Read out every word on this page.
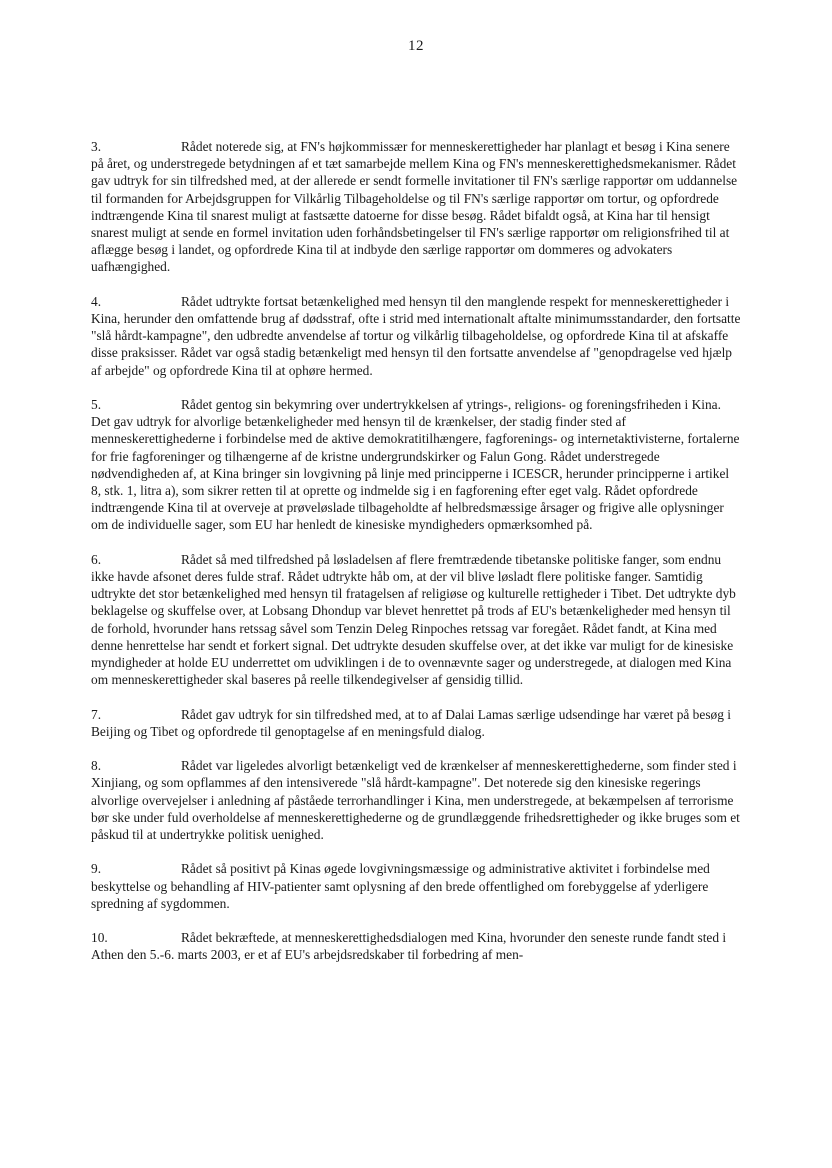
12

3.	Rådet noterede sig, at FN's højkommissær for menneskerettigheder har planlagt et besøg i Kina senere på året, og understregede betydningen af et tæt samarbejde mellem Kina og FN's menneskerettighedsmekanismer. Rådet gav udtryk for sin tilfredshed med, at der allerede er sendt formelle invitationer til FN's særlige rapportør om uddannelse til formanden for Arbejdsgruppen for Vilkårlig Tilbageholdelse og til FN's særlige rapportør om tortur, og opfordrede indtrængende Kina til snarest muligt at fastsætte datoerne for disse besøg. Rådet bifaldt også, at Kina har til hensigt snarest muligt at sende en formel invitation uden forhåndsbetingelser til FN's særlige rapportør om religionsfrihed til at aflægge besøg i landet, og opfordrede Kina til at indbyde den særlige rapportør om dommeres og advokaters uafhængighed.

4.	Rådet udtrykte fortsat betænkelighed med hensyn til den manglende respekt for menneskerettigheder i Kina, herunder den omfattende brug af dødsstraf, ofte i strid med internationalt aftalte minimumsstandarder, den fortsatte "slå hårdt-kampagne", den udbredte anvendelse af tortur og vilkårlig tilbageholdelse, og opfordrede Kina til at afskaffe disse praksisser. Rådet var også stadig betænkeligt med hensyn til den fortsatte anvendelse af "genopdragelse ved hjælp af arbejde" og opfordrede Kina til at ophøre hermed.

5.	Rådet gentog sin bekymring over undertrykkelsen af ytrings-, religions- og foreningsfriheden i Kina. Det gav udtryk for alvorlige betænkeligheder med hensyn til de krænkelser, der stadig finder sted af menneskerettighederne i forbindelse med de aktive demokratitilhængere, fagforenings- og internetaktivisterne, fortalerne for frie fagforeninger og tilhængerne af de kristne undergrundskirker og Falun Gong. Rådet understregede nødvendigheden af, at Kina bringer sin lovgivning på linje med principperne i ICESCR, herunder principperne i artikel 8, stk. 1, litra a), som sikrer retten til at oprette og indmelde sig i en fagforening efter eget valg. Rådet opfordrede indtrængende Kina til at overveje at prøveløslade tilbageholdte af helbredsmæssige årsager og frigive alle oplysninger om de individuelle sager, som EU har henledt de kinesiske myndigheders opmærksomhed på.

6.	Rådet så med tilfredshed på løsladelsen af flere fremtrædende tibetanske politiske fanger, som endnu ikke havde afsonet deres fulde straf. Rådet udtrykte håb om, at der vil blive løsladt flere politiske fanger. Samtidig udtrykte det stor betænkelighed med hensyn til fratagelsen af religiøse og kulturelle rettigheder i Tibet. Det udtrykte dyb beklagelse og skuffelse over, at Lobsang Dhondup var blevet henrettet på trods af EU's betænkeligheder med hensyn til de forhold, hvorunder hans retssag såvel som Tenzin Deleg Rinpoches retssag var foregået. Rådet fandt, at Kina med denne henrettelse har sendt et forkert signal. Det udtrykte desuden skuffelse over, at det ikke var muligt for de kinesiske myndigheder at holde EU underrettet om udviklingen i de to ovennævnte sager og understregede, at dialogen med Kina om menneskerettigheder skal baseres på reelle tilkendegivelser af gensidig tillid.

7.	Rådet gav udtryk for sin tilfredshed med, at to af Dalai Lamas særlige udsendinge har været på besøg i Beijing og Tibet og opfordrede til genoptagelse af en meningsfuld dialog.

8.	Rådet var ligeledes alvorligt betænkeligt ved de krænkelser af menneskerettighederne, som finder sted i Xinjiang, og som opflammes af den intensiverede "slå hårdt-kampagne". Det noterede sig den kinesiske regerings alvorlige overvejelser i anledning af påståede terrorhandlinger i Kina, men understregede, at bekæmpelsen af terrorisme bør ske under fuld overholdelse af menneskerettighederne og de grundlæggende frihedsrettigheder og ikke bruges som et påskud til at undertrykke politisk uenighed.

9.	Rådet så positivt på Kinas øgede lovgivningsmæssige og administrative aktivitet i forbindelse med beskyttelse og behandling af HIV-patienter samt oplysning af den brede offentlighed om forebyggelse af yderligere spredning af sygdommen.

10.	Rådet bekræftede, at menneskerettighedsdialogen med Kina, hvorunder den seneste runde fandt sted i Athen den 5.-6. marts 2003, er et af EU's arbejdsredskaber til forbedring af men-
